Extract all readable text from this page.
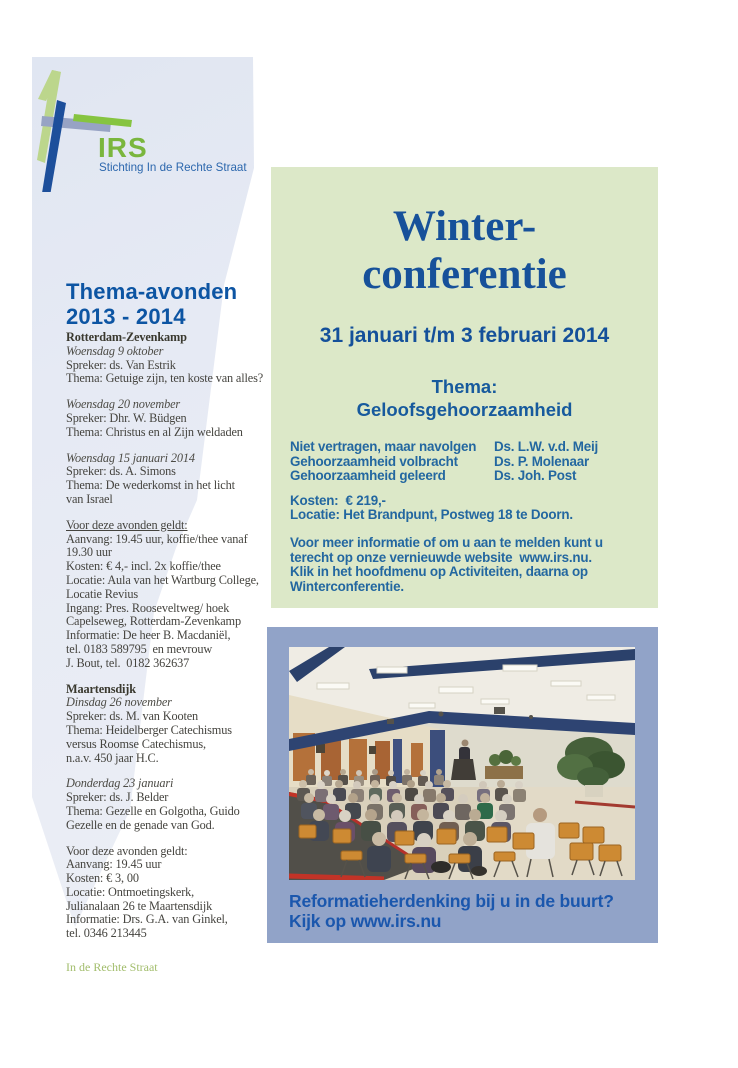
IRS
Stichting In de Rechte Straat
Thema-avonden
2013 - 2014
Rotterdam-Zevenkamp
Woensdag 9 oktober
Spreker: ds. Van Estrik
Thema: Getuige zijn, ten koste van alles?
Woensdag 20 november
Spreker: Dhr. W. Büdgen
Thema: Christus en al Zijn weldaden
Woensdag 15 januari 2014
Spreker: ds. A. Simons
Thema: De wederkomst in het licht
van Israel
Voor deze avonden geldt:
Aanvang: 19.45 uur, koffie/thee vanaf
19.30 uur
Kosten: € 4,- incl. 2x koffie/thee
Locatie: Aula van het Wartburg College,
Locatie Revius
Ingang: Pres. Rooseveltweg/ hoek
Capelseweg, Rotterdam-Zevenkamp
Informatie: De heer B. Macdaniël,
tel. 0183 589795  en mevrouw
J. Bout, tel.  0182 362637
Maartensdijk
Dinsdag 26 november
Spreker: ds. M. van Kooten
Thema: Heidelberger Catechismus
versus Roomse Catechismus,
n.a.v. 450 jaar H.C.
Donderdag 23 januari
Spreker: ds. J. Belder
Thema: Gezelle en Golgotha, Guido
Gezelle en de genade van God.
Voor deze avonden geldt:
Aanvang: 19.45 uur
Kosten: € 3, 00
Locatie: Ontmoetingskerk,
Julianalaan 26 te Maartensdijk
Informatie: Drs. G.A. van Ginkel,
tel. 0346 213445
In de Rechte Straat
Winter-
conferentie
31 januari t/m 3 februari 2014
Thema:
Geloofsgehoorzaamheid
Niet vertragen, maar navolgen	Ds. L.W. v.d. Meij
Gehoorzaamheid volbracht	Ds. P. Molenaar
Gehoorzaamheid geleerd	Ds. Joh. Post
Kosten:  € 219,-
Locatie: Het Brandpunt, Postweg 18 te Doorn.
Voor meer informatie of om u aan te melden kunt u
terecht op onze vernieuwde website  www.irs.nu.
Klik in het hoofdmenu op Activiteiten, daarna op
Winterconferentie.
Reformatieherdenking bij u in de buurt?
Kijk op www.irs.nu
